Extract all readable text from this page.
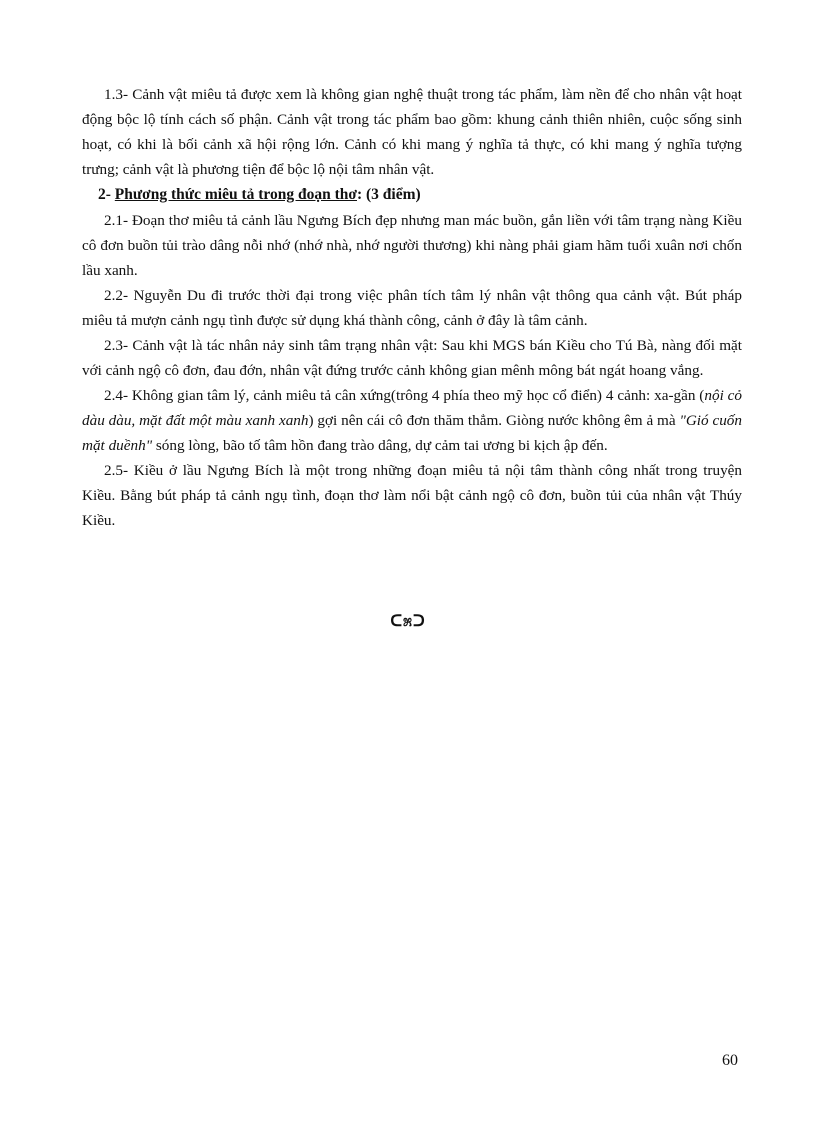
1.3- Cảnh vật miêu tả được xem là không gian nghệ thuật trong tác phẩm, làm nền để cho nhân vật hoạt động bộc lộ tính cách số phận. Cảnh vật trong tác phẩm bao gồm: khung cảnh thiên nhiên, cuộc sống sinh hoạt, có khi là bối cảnh xã hội rộng lớn. Cảnh có khi mang ý nghĩa tả thực, có khi mang ý nghĩa tượng trưng; cảnh vật là phương tiện để bộc lộ nội tâm nhân vật.

2- Phương thức miêu tả trong đoạn thơ: (3 điểm)

2.1- Đoạn thơ miêu tả cảnh lầu Ngưng Bích đẹp nhưng man mác buồn, gắn liền với tâm trạng nàng Kiều cô đơn buồn tủi trào dâng nỗi nhớ (nhớ nhà, nhớ người thương) khi nàng phải giam hãm tuổi xuân nơi chốn lầu xanh.

2.2- Nguyễn Du đi trước thời đại trong việc phân tích tâm lý nhân vật thông qua cảnh vật. Bút pháp miêu tả mượn cảnh ngụ tình được sử dụng khá thành công, cảnh ở đây là tâm cảnh.

2.3- Cảnh vật là tác nhân nảy sinh tâm trạng nhân vật: Sau khi MGS bán Kiều cho Tú Bà, nàng đối mặt với cảnh ngộ cô đơn, đau đớn, nhân vật đứng trước cảnh không gian mênh mông bát ngát hoang vắng.

2.4- Không gian tâm lý, cảnh miêu tả cân xứng(trông 4 phía theo mỹ học cổ điển) 4 cảnh: xa-gần (nội cỏ dàu dàu, mặt đất một màu xanh xanh) gợi nên cái cô đơn thăm thẳm. Giòng nước không êm ả mà "Gió cuốn mặt duềnh" sóng lòng, bão tố tâm hồn đang trào dâng, dự cảm tai ương bi kịch ập đến.

2.5- Kiều ở lầu Ngưng Bích là một trong những đoạn miêu tả nội tâm thành công nhất trong truyện Kiều. Bằng bút pháp tả cảnh ngụ tình, đoạn thơ làm nổi bật cảnh ngộ cô đơn, buồn tủi của nhân vật Thúy Kiều.

ᑕ೫ᑐ
60
